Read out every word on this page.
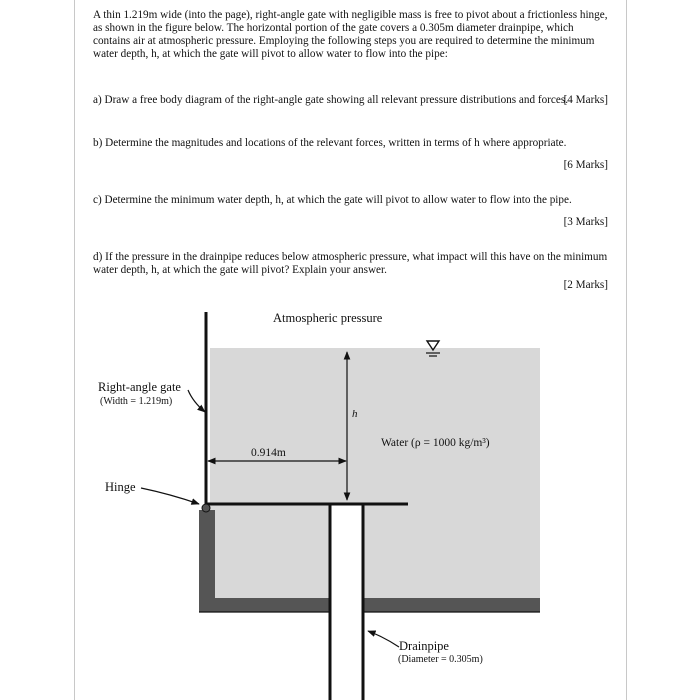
A thin 1.219m wide (into the page), right-angle gate with negligible mass is free to pivot about a frictionless hinge, as shown in the figure below. The horizontal portion of the gate covers a 0.305m diameter drainpipe, which contains air at atmospheric pressure. Employing the following steps you are required to determine the minimum water depth, h, at which the gate will pivot to allow water to flow into the pipe:
a) Draw a free body diagram of the right-angle gate showing all relevant pressure distributions and forces.
[4 Marks]
b) Determine the magnitudes and locations of the relevant forces, written in terms of h where appropriate.
[6 Marks]
c) Determine the minimum water depth, h, at which the gate will pivot to allow water to flow into the pipe.
[3 Marks]
d) If the pressure in the drainpipe reduces below atmospheric pressure, what impact will this have on the minimum water depth, h, at which the gate will pivot? Explain your answer.
[2 Marks]
h
0.914m
Atmospheric pressure
Water (ρ = 1000 kg/m³)
Right-angle gate
(Width = 1.219m)
Hinge
Drainpipe
(Diameter = 0.305m)
